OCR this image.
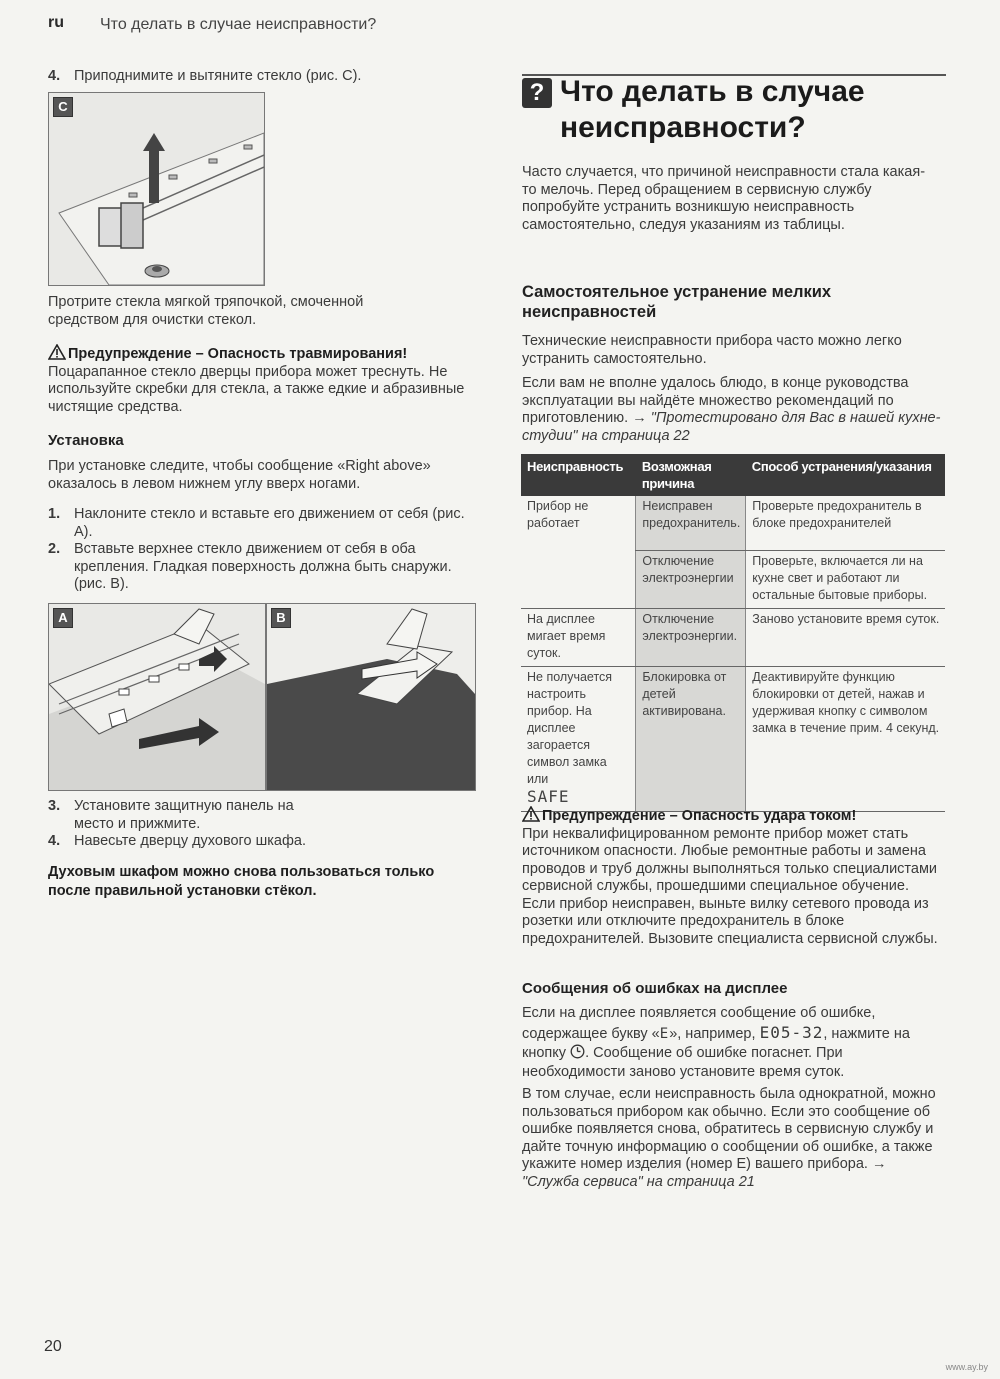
ru Что делать в случае неисправности?
4. Приподнимите и вытяните стекло (рис. C).
C

Протрите стекла мягкой тряпочкой, смоченной средством для очистки стекол.

Предупреждение – Опасность травмирования!
Поцарапанное стекло дверцы прибора может треснуть. Не используйте скребки для стекла, а также едкие и абразивные чистящие средства.
Установка

При установке следите, чтобы сообщение «Right above» оказалось в левом нижнем углу вверх ногами.

1. Наклоните стекло и вставьте его движением от себя (рис. A).
2. Вставьте верхнее стекло движением от себя в оба крепления. Гладкая поверхность должна быть снаружи. (рис. B).
A	B
3. Установите защитную панель на место и прижмите.
4. Навесьте дверцу духового шкафа.

Духовым шкафом можно снова пользоваться только после правильной установки стёкол.

? Что делать в случае
неисправности?

Часто случается, что причиной неисправности стала какая-то мелочь. Перед обращением в сервисную службу попробуйте устранить возникшую неисправность самостоятельно, следуя указаниям из таблицы.

Самостоятельное устранение мелких неисправностей

Технические неисправности прибора часто можно легко устранить самостоятельно.

Если вам не вполне удалось блюдо, в конце руководства эксплуатации вы найдёте множество рекомендаций по приготовлению. → "Протестировано для Вас в нашей кухне-студии" на страница 22

Неисправность	Возможная причина	Способ устранения/указания
Прибор не работает	Неисправен предохранитель.	Проверьте предохранитель в блоке предохранителей
	Отключение электроэнергии	Проверьте, включается ли на кухне свет и работают ли остальные бытовые приборы.
На дисплее мигает время суток.	Отключение электроэнергии.	Заново установите время суток.
Не получается настроить прибор. На дисплее загорается символ замка или
SAFE	Блокировка от детей активирована.	Деактивируйте функцию блокировки от детей, нажав и удерживая кнопку с символом замка в течение прим. 4 секунд.
Предупреждение – Опасность удара током!
При неквалифицированном ремонте прибор может стать источником опасности. Любые ремонтные работы и замена проводов и труб должны выполняться только специалистами сервисной службы, прошедшими специальное обучение. Если прибор неисправен, выньте вилку сетевого провода из розетки или отключите предохранитель в блоке предохранителей. Вызовите специалиста сервисной службы.
Сообщения об ошибках на дисплее

Если на дисплее появляется сообщение об ошибке, содержащее букву «E», например, E05-32, нажмите на кнопку . Сообщение об ошибке погаснет. При необходимости заново установите время суток.

В том случае, если неисправность была однократной, можно пользоваться прибором как обычно. Если это сообщение об ошибке появляется снова, обратитесь в сервисную службу и дайте точную информацию о сообщении об ошибке, а также укажите номер изделия (номер E) вашего прибора. → "Служба сервиса" на страница 21

20
www.ay.by
